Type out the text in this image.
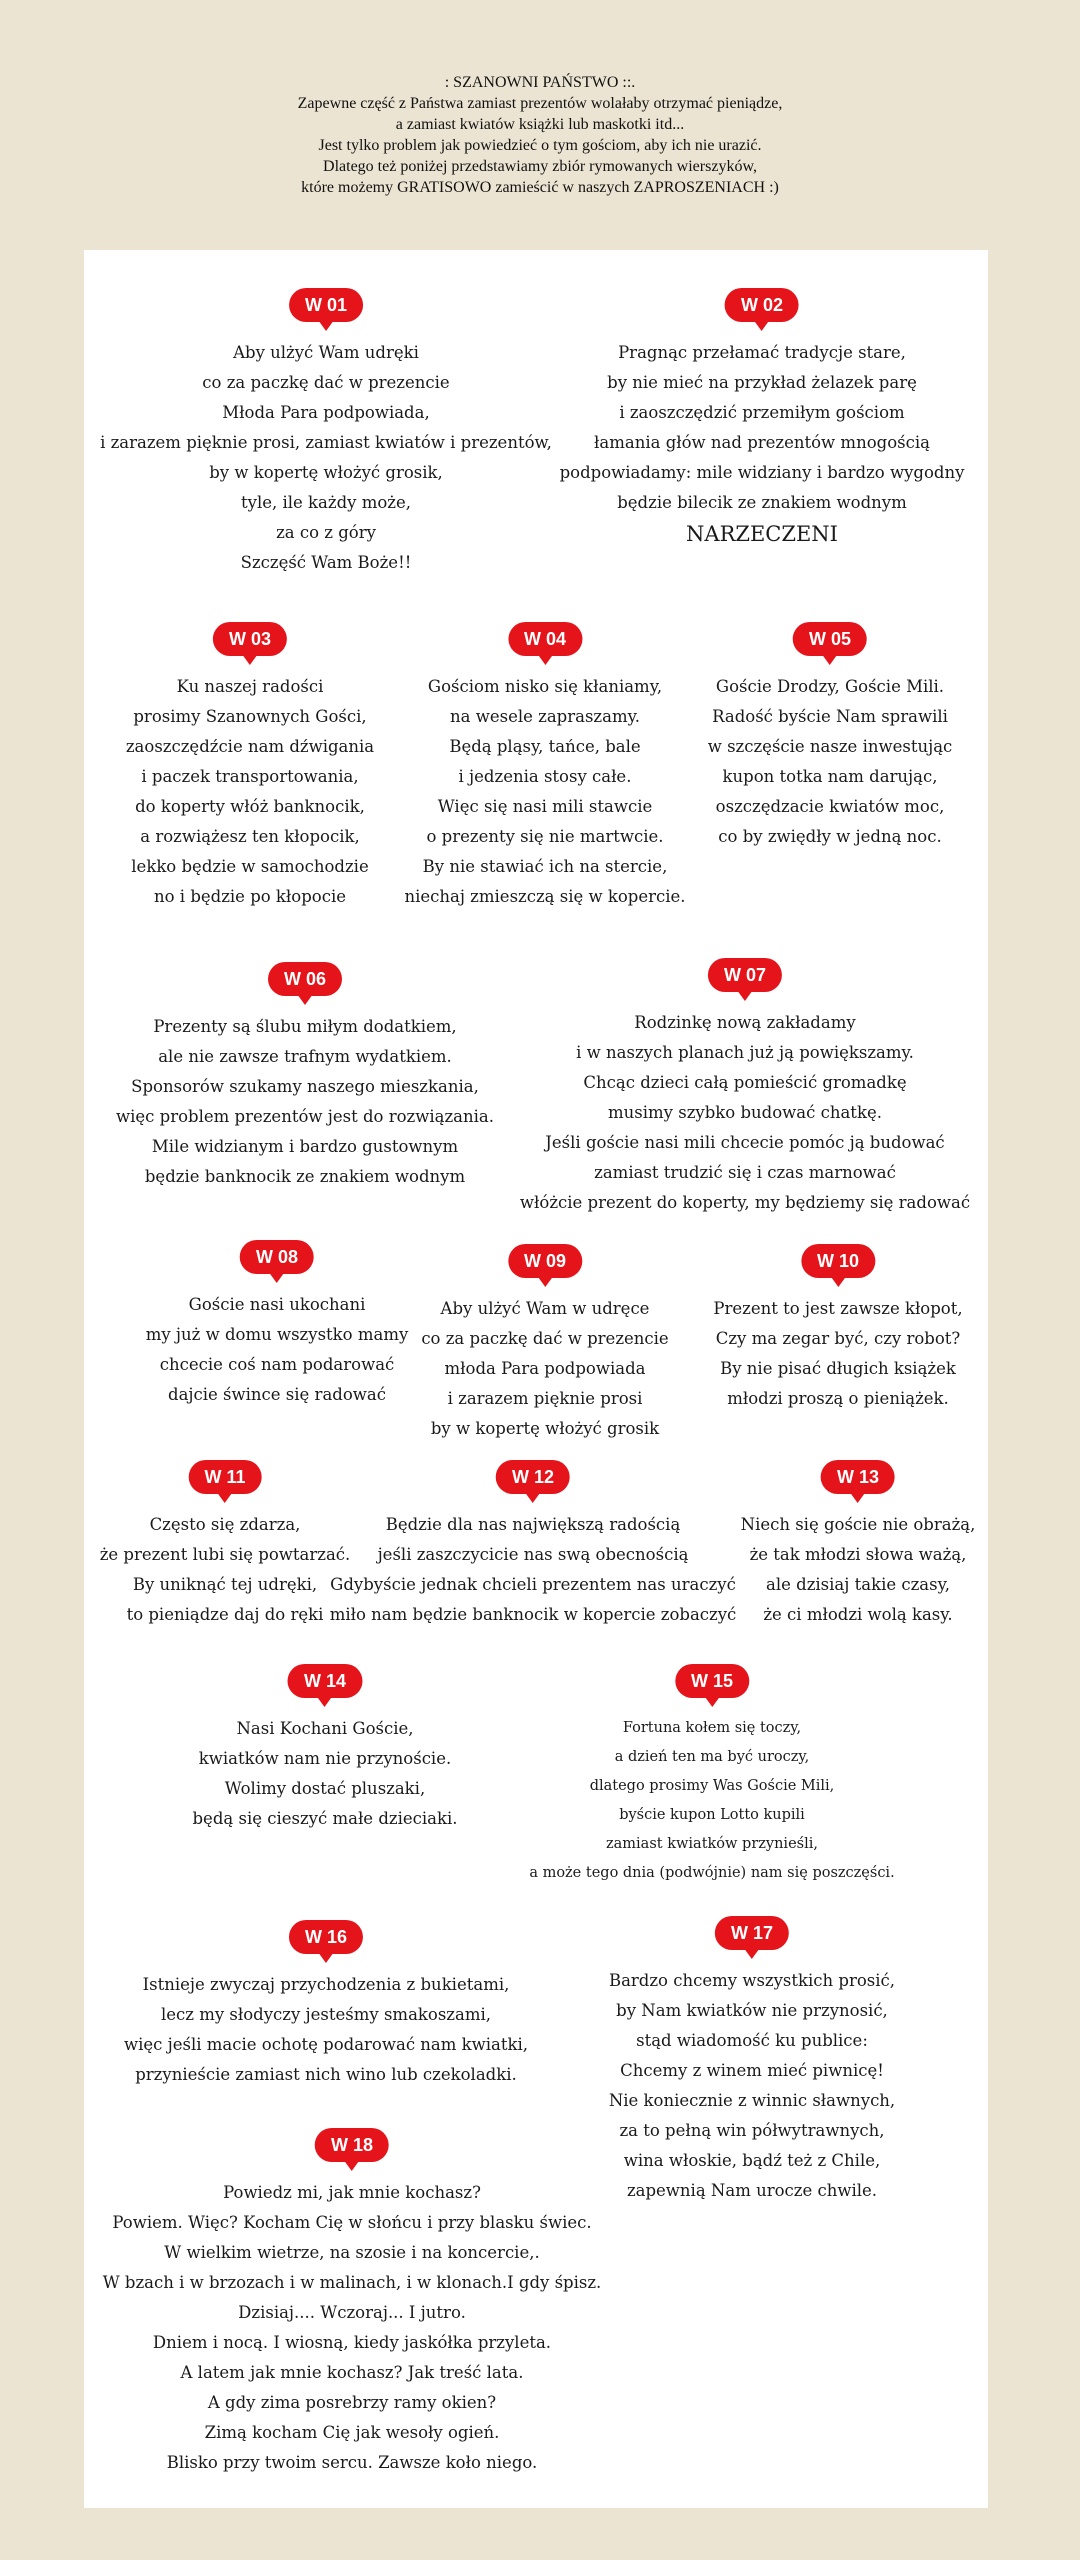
: SZANOWNI PAŃSTWO ::.
Zapewne część z Państwa zamiast prezentów wolałaby otrzymać pieniądze,
a zamiast kwiatów książki lub maskotki itd...
Jest tylko problem jak powiedzieć o tym gościom, aby ich nie urazić.
Dlatego też poniżej przedstawiamy zbiór rymowanych wierszyków,
które możemy GRATISOWO zamieścić w naszych ZAPROSZENIACH :)
W 01
Aby ulżyć Wam udręki
co za paczkę dać w prezencie
Młoda Para podpowiada,
i zarazem pięknie prosi, zamiast kwiatów i prezentów,
by w kopertę włożyć grosik,
tyle, ile każdy może,
za co z góry
Szczęść Wam Boże!!
W 02
Pragnąc przełamać tradycje stare,
by nie mieć na przykład żelazek parę
i zaoszczędzić przemiłym gościom
łamania głów nad prezentów mnogością
podpowiadamy: mile widziany i bardzo wygodny
będzie bilecik ze znakiem wodnym
NARZECZENI
W 03
Ku naszej radości
prosimy Szanownych Gości,
zaoszczędźcie nam dźwigania
i paczek transportowania,
do koperty włóż banknocik,
a rozwiążesz ten kłopocik,
lekko będzie w samochodzie
no i będzie po kłopocie
W 04
Gościom nisko się kłaniamy,
na wesele zapraszamy.
Będą pląsy, tańce, bale
i jedzenia stosy całe.
Więc się nasi mili stawcie
o prezenty się nie martwcie.
By nie stawiać ich na stercie,
niechaj zmieszczą się w kopercie.
W 05
Goście Drodzy, Goście Mili.
Radość byście Nam sprawili
w szczęście nasze inwestując
kupon totka nam darując,
oszczędzacie kwiatów moc,
co by zwiędły w jedną noc.
W 06
Prezenty są ślubu miłym dodatkiem,
ale nie zawsze trafnym wydatkiem.
Sponsorów szukamy naszego mieszkania,
więc problem prezentów jest do rozwiązania.
Mile widzianym i bardzo gustownym
będzie banknocik ze znakiem wodnym
W 07
Rodzinkę nową zakładamy
i w naszych planach już ją powiększamy.
Chcąc dzieci całą pomieścić gromadkę
musimy szybko budować chatkę.
Jeśli goście nasi mili chcecie pomóc ją budować
zamiast trudzić się i czas marnować
włóżcie prezent do koperty, my będziemy się radować
W 08
Goście nasi ukochani
my już w domu wszystko mamy
chcecie coś nam podarować
dajcie śwince się radować
W 09
Aby ulżyć Wam w udręce
co za paczkę dać w prezencie
młoda Para podpowiada
i zarazem pięknie prosi
by w kopertę włożyć grosik
W 10
Prezent to jest zawsze kłopot,
Czy ma zegar być, czy robot?
By nie pisać długich książek
młodzi proszą o pieniążek.
W 11
Często się zdarza,
że prezent lubi się powtarzać.
By uniknąć tej udręki,
to pieniądze daj do ręki
W 12
Będzie dla nas największą radością
jeśli zaszczycicie nas swą obecnością
Gdybyście jednak chcieli prezentem nas uraczyć
miło nam będzie banknocik w kopercie zobaczyć
W 13
Niech się goście nie obrażą,
że tak młodzi słowa ważą,
ale dzisiaj takie czasy,
że ci młodzi wolą kasy.
W 14
Nasi Kochani Goście,
kwiatków nam nie przynoście.
Wolimy dostać pluszaki,
będą się cieszyć małe dzieciaki.
W 15
Fortuna kołem się toczy,
a dzień ten ma być uroczy,
dlatego prosimy Was Goście Mili,
byście kupon Lotto kupili
zamiast kwiatków przynieśli,
a może tego dnia (podwójnie) nam się poszczęści.
W 16
Istnieje zwyczaj przychodzenia z bukietami,
lecz my słodyczy jesteśmy smakoszami,
więc jeśli macie ochotę podarować nam kwiatki,
przynieście zamiast nich wino lub czekoladki.
W 17
Bardzo chcemy wszystkich prosić,
by Nam kwiatków nie przynosić,
stąd wiadomość ku publice:
Chcemy z winem mieć piwnicę!
Nie koniecznie z winnic sławnych,
za to pełną win półwytrawnych,
wina włoskie, bądź też z Chile,
zapewnią Nam urocze chwile.
W 18
Powiedz mi, jak mnie kochasz?
Powiem. Więc? Kocham Cię w słońcu i przy blasku świec.
W wielkim wietrze, na szosie i na koncercie,.
W bzach i w brzozach i w malinach, i w klonach.I gdy śpisz.
Dzisiaj.... Wczoraj... I jutro.
Dniem i nocą. I wiosną, kiedy jaskółka przyleta.
A latem jak mnie kochasz? Jak treść lata.
A gdy zima posrebrzy ramy okien?
Zimą kocham Cię jak wesoły ogień.
Blisko przy twoim sercu. Zawsze koło niego.
